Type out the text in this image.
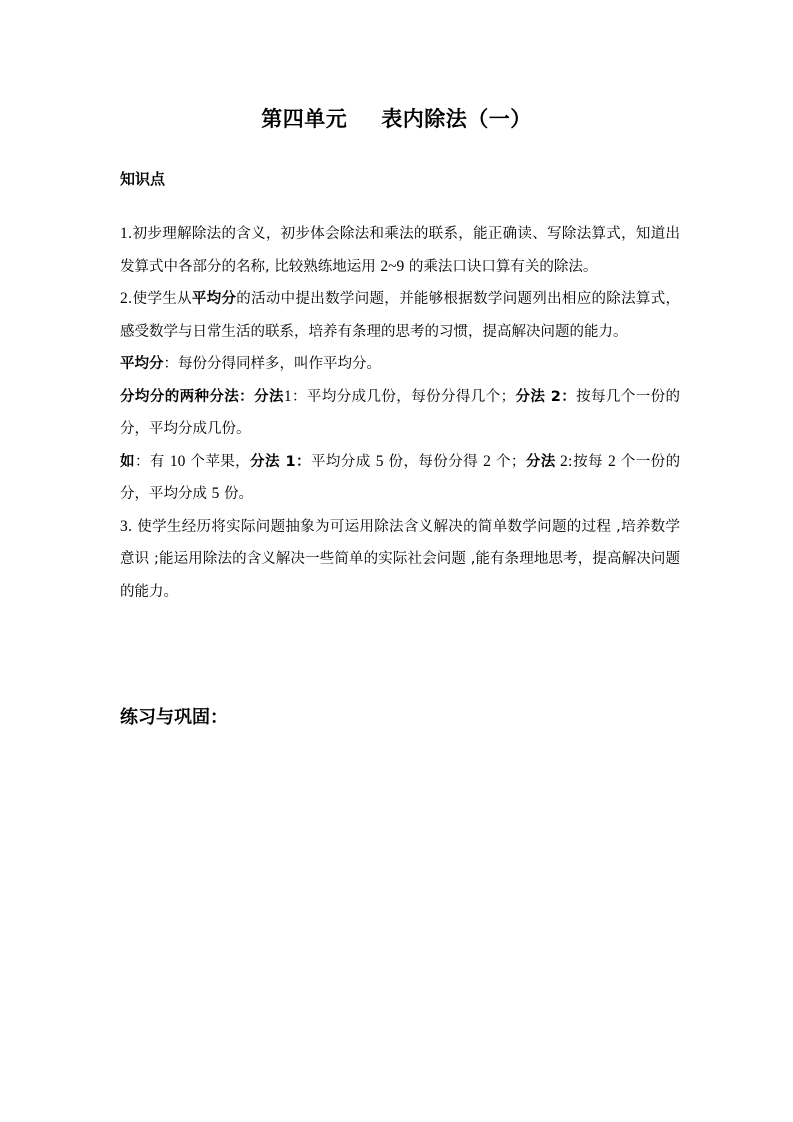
第四单元 表内除法（一）
知识点

1.初步理解除法的含义，初步体会除法和乘法的联系，能正确读、写除法算式，知道出发算式中各部分的名称, 比较熟练地运用 2~9 的乘法口诀口算有关的除法。

2.使学生从平均分的活动中提出数学问题，并能够根据数学问题列出相应的除法算式，感受数学与日常生活的联系，培养有条理的思考的习惯，提高解决问题的能力。

平均分：每份分得同样多，叫作平均分。

分均分的两种分法：分法1：平均分成几份，每份分得几个；分法 2：按每几个一份的分，平均分成几份。

如：有 10 个苹果，分法 1：平均分成 5 份，每份分得 2 个；分法 2:按每 2 个一份的分，平均分成 5 份。

3. 使学生经历将实际问题抽象为可运用除法含义解决的简单数学问题的过程 ,培养数学意识 ;能运用除法的含义解决一些简单的实际社会问题 ,能有条理地思考，提高解决问题的能力。

练习与巩固：
